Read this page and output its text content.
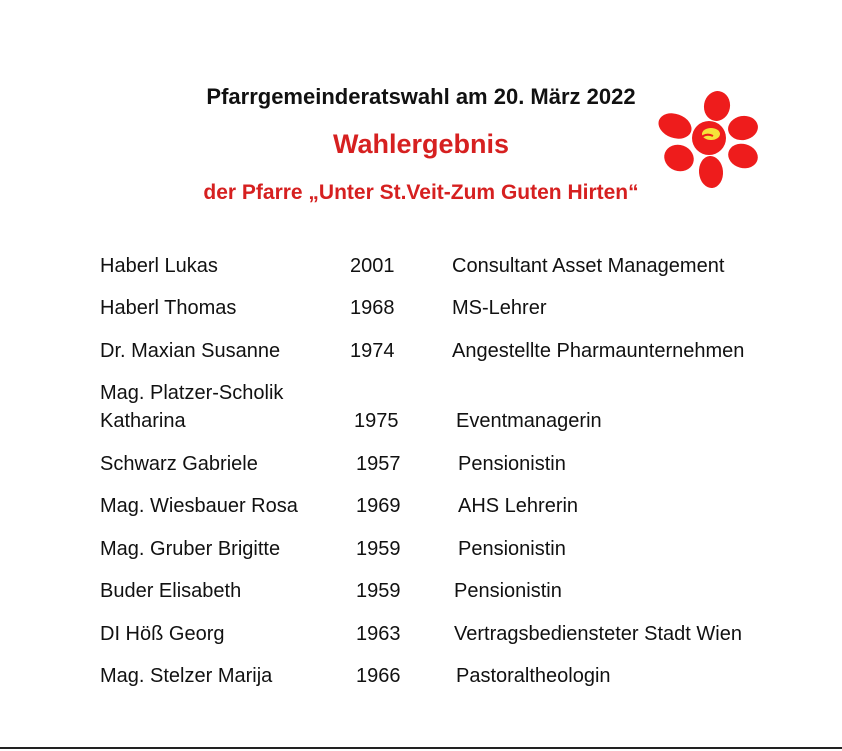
Pfarrgemeinderatswahl am 20. März 2022
Wahlergebnis
der Pfarre „Unter St.Veit-Zum Guten Hirten“
Haberl Lukas	2001	Consultant Asset Management
Haberl Thomas	1968	MS-Lehrer
Dr. Maxian Susanne	1974	Angestellte Pharmaunternehmen
Mag. Platzer-Scholik
Katharina	1975	Eventmanagerin
Schwarz Gabriele	1957	Pensionistin
Mag. Wiesbauer Rosa	1969	AHS Lehrerin
Mag. Gruber Brigitte	1959	Pensionistin
Buder Elisabeth	1959	Pensionistin
DI Höß Georg	1963	Vertragsbediensteter Stadt Wien
Mag. Stelzer Marija	1966	Pastoraltheologin
